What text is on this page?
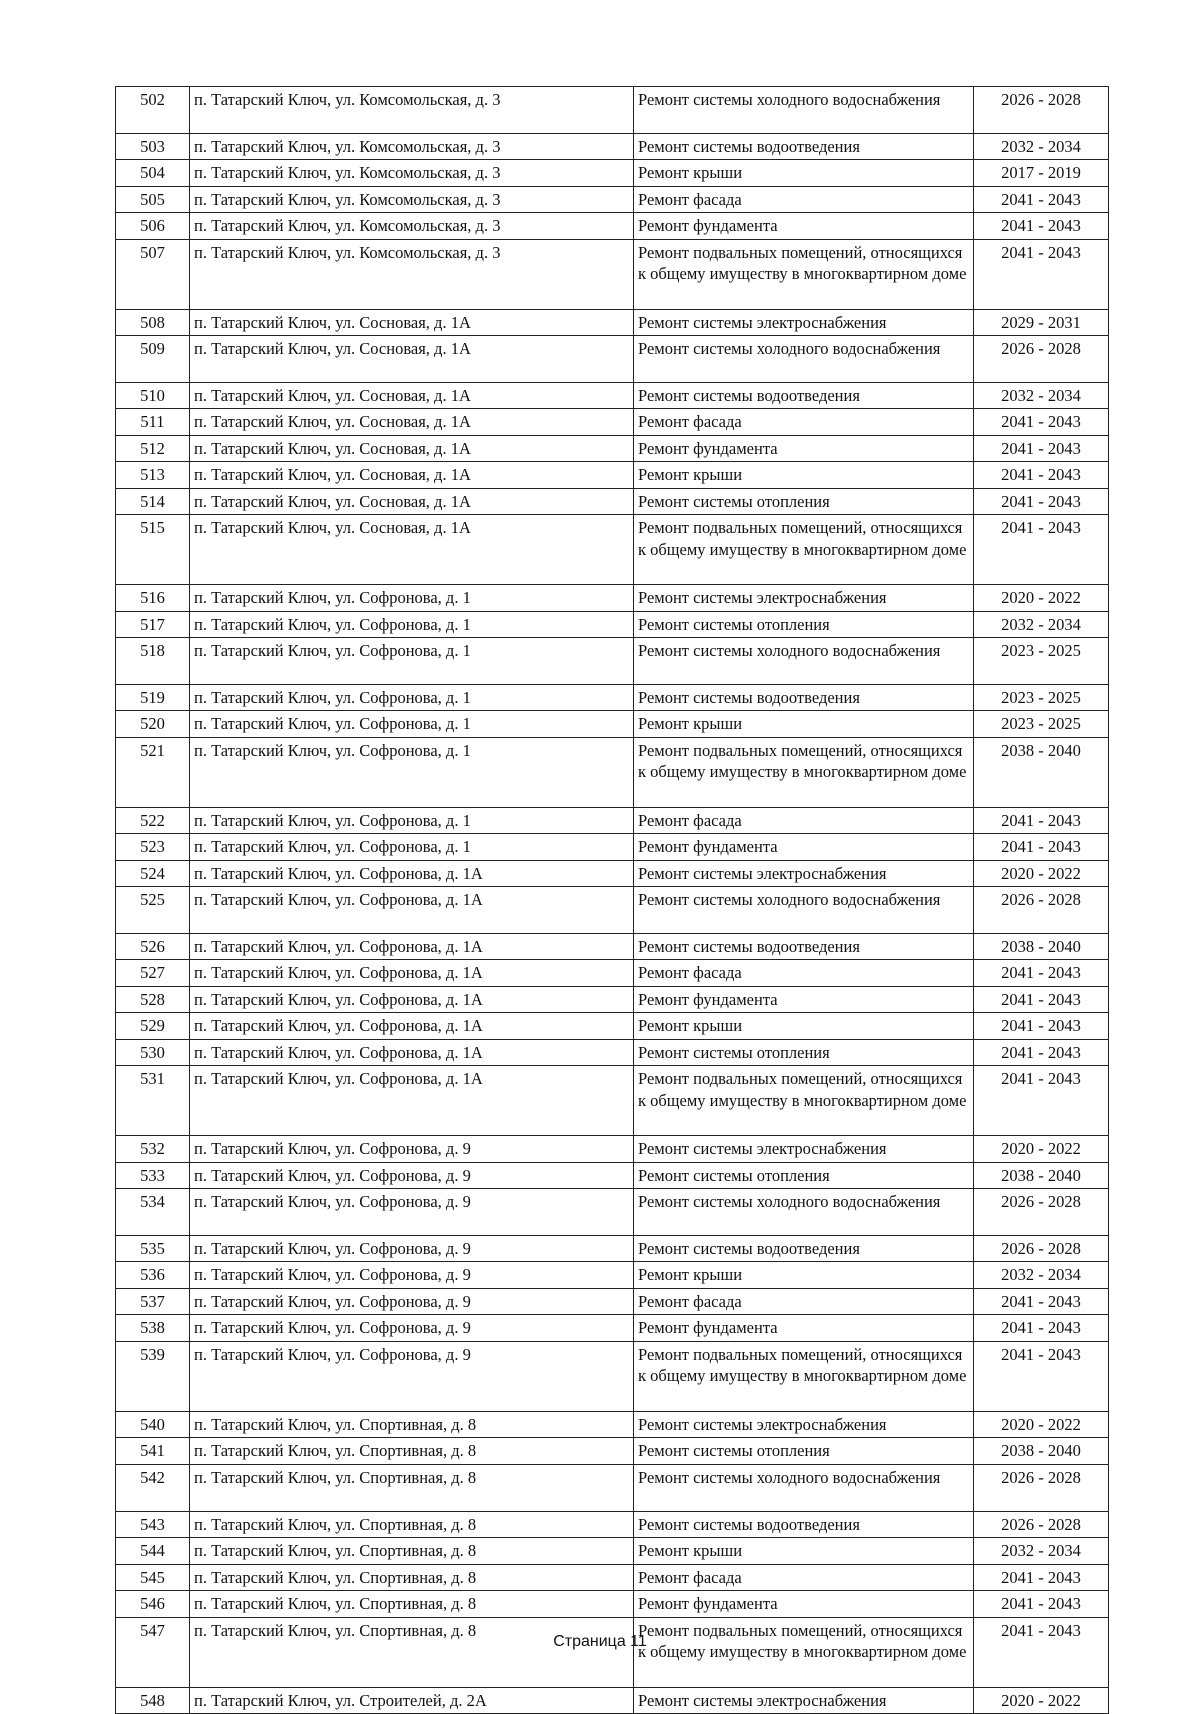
502	п. Татарский Ключ, ул. Комсомольская, д. 3	Ремонт системы холодного водоснабжения	2026 - 2028
503	п. Татарский Ключ, ул. Комсомольская, д. 3	Ремонт системы водоотведения	2032 - 2034
504	п. Татарский Ключ, ул. Комсомольская, д. 3	Ремонт крыши	2017 - 2019
505	п. Татарский Ключ, ул. Комсомольская, д. 3	Ремонт фасада	2041 - 2043
506	п. Татарский Ключ, ул. Комсомольская, д. 3	Ремонт фундамента	2041 - 2043
507	п. Татарский Ключ, ул. Комсомольская, д. 3	Ремонт подвальных помещений, относящихся к общему имуществу в многоквартирном доме	2041 - 2043
508	п. Татарский Ключ, ул. Сосновая, д. 1А	Ремонт системы электроснабжения	2029 - 2031
509	п. Татарский Ключ, ул. Сосновая, д. 1А	Ремонт системы холодного водоснабжения	2026 - 2028
510	п. Татарский Ключ, ул. Сосновая, д. 1А	Ремонт системы водоотведения	2032 - 2034
511	п. Татарский Ключ, ул. Сосновая, д. 1А	Ремонт фасада	2041 - 2043
512	п. Татарский Ключ, ул. Сосновая, д. 1А	Ремонт фундамента	2041 - 2043
513	п. Татарский Ключ, ул. Сосновая, д. 1А	Ремонт крыши	2041 - 2043
514	п. Татарский Ключ, ул. Сосновая, д. 1А	Ремонт системы отопления	2041 - 2043
515	п. Татарский Ключ, ул. Сосновая, д. 1А	Ремонт подвальных помещений, относящихся к общему имуществу в многоквартирном доме	2041 - 2043
516	п. Татарский Ключ, ул. Софронова, д. 1	Ремонт системы электроснабжения	2020 - 2022
517	п. Татарский Ключ, ул. Софронова, д. 1	Ремонт системы отопления	2032 - 2034
518	п. Татарский Ключ, ул. Софронова, д. 1	Ремонт системы холодного водоснабжения	2023 - 2025
519	п. Татарский Ключ, ул. Софронова, д. 1	Ремонт системы водоотведения	2023 - 2025
520	п. Татарский Ключ, ул. Софронова, д. 1	Ремонт крыши	2023 - 2025
521	п. Татарский Ключ, ул. Софронова, д. 1	Ремонт подвальных помещений, относящихся к общему имуществу в многоквартирном доме	2038 - 2040
522	п. Татарский Ключ, ул. Софронова, д. 1	Ремонт фасада	2041 - 2043
523	п. Татарский Ключ, ул. Софронова, д. 1	Ремонт фундамента	2041 - 2043
524	п. Татарский Ключ, ул. Софронова, д. 1А	Ремонт системы электроснабжения	2020 - 2022
525	п. Татарский Ключ, ул. Софронова, д. 1А	Ремонт системы холодного водоснабжения	2026 - 2028
526	п. Татарский Ключ, ул. Софронова, д. 1А	Ремонт системы водоотведения	2038 - 2040
527	п. Татарский Ключ, ул. Софронова, д. 1А	Ремонт фасада	2041 - 2043
528	п. Татарский Ключ, ул. Софронова, д. 1А	Ремонт фундамента	2041 - 2043
529	п. Татарский Ключ, ул. Софронова, д. 1А	Ремонт крыши	2041 - 2043
530	п. Татарский Ключ, ул. Софронова, д. 1А	Ремонт системы отопления	2041 - 2043
531	п. Татарский Ключ, ул. Софронова, д. 1А	Ремонт подвальных помещений, относящихся к общему имуществу в многоквартирном доме	2041 - 2043
532	п. Татарский Ключ, ул. Софронова, д. 9	Ремонт системы электроснабжения	2020 - 2022
533	п. Татарский Ключ, ул. Софронова, д. 9	Ремонт системы отопления	2038 - 2040
534	п. Татарский Ключ, ул. Софронова, д. 9	Ремонт системы холодного водоснабжения	2026 - 2028
535	п. Татарский Ключ, ул. Софронова, д. 9	Ремонт системы водоотведения	2026 - 2028
536	п. Татарский Ключ, ул. Софронова, д. 9	Ремонт крыши	2032 - 2034
537	п. Татарский Ключ, ул. Софронова, д. 9	Ремонт фасада	2041 - 2043
538	п. Татарский Ключ, ул. Софронова, д. 9	Ремонт фундамента	2041 - 2043
539	п. Татарский Ключ, ул. Софронова, д. 9	Ремонт подвальных помещений, относящихся к общему имуществу в многоквартирном доме	2041 - 2043
540	п. Татарский Ключ, ул. Спортивная, д. 8	Ремонт системы электроснабжения	2020 - 2022
541	п. Татарский Ключ, ул. Спортивная, д. 8	Ремонт системы отопления	2038 - 2040
542	п. Татарский Ключ, ул. Спортивная, д. 8	Ремонт системы холодного водоснабжения	2026 - 2028
543	п. Татарский Ключ, ул. Спортивная, д. 8	Ремонт системы водоотведения	2026 - 2028
544	п. Татарский Ключ, ул. Спортивная, д. 8	Ремонт крыши	2032 - 2034
545	п. Татарский Ключ, ул. Спортивная, д. 8	Ремонт фасада	2041 - 2043
546	п. Татарский Ключ, ул. Спортивная, д. 8	Ремонт фундамента	2041 - 2043
547	п. Татарский Ключ, ул. Спортивная, д. 8	Ремонт подвальных помещений, относящихся к общему имуществу в многоквартирном доме	2041 - 2043
548	п. Татарский Ключ, ул. Строителей, д. 2А	Ремонт системы электроснабжения	2020 - 2022
Страница 11
